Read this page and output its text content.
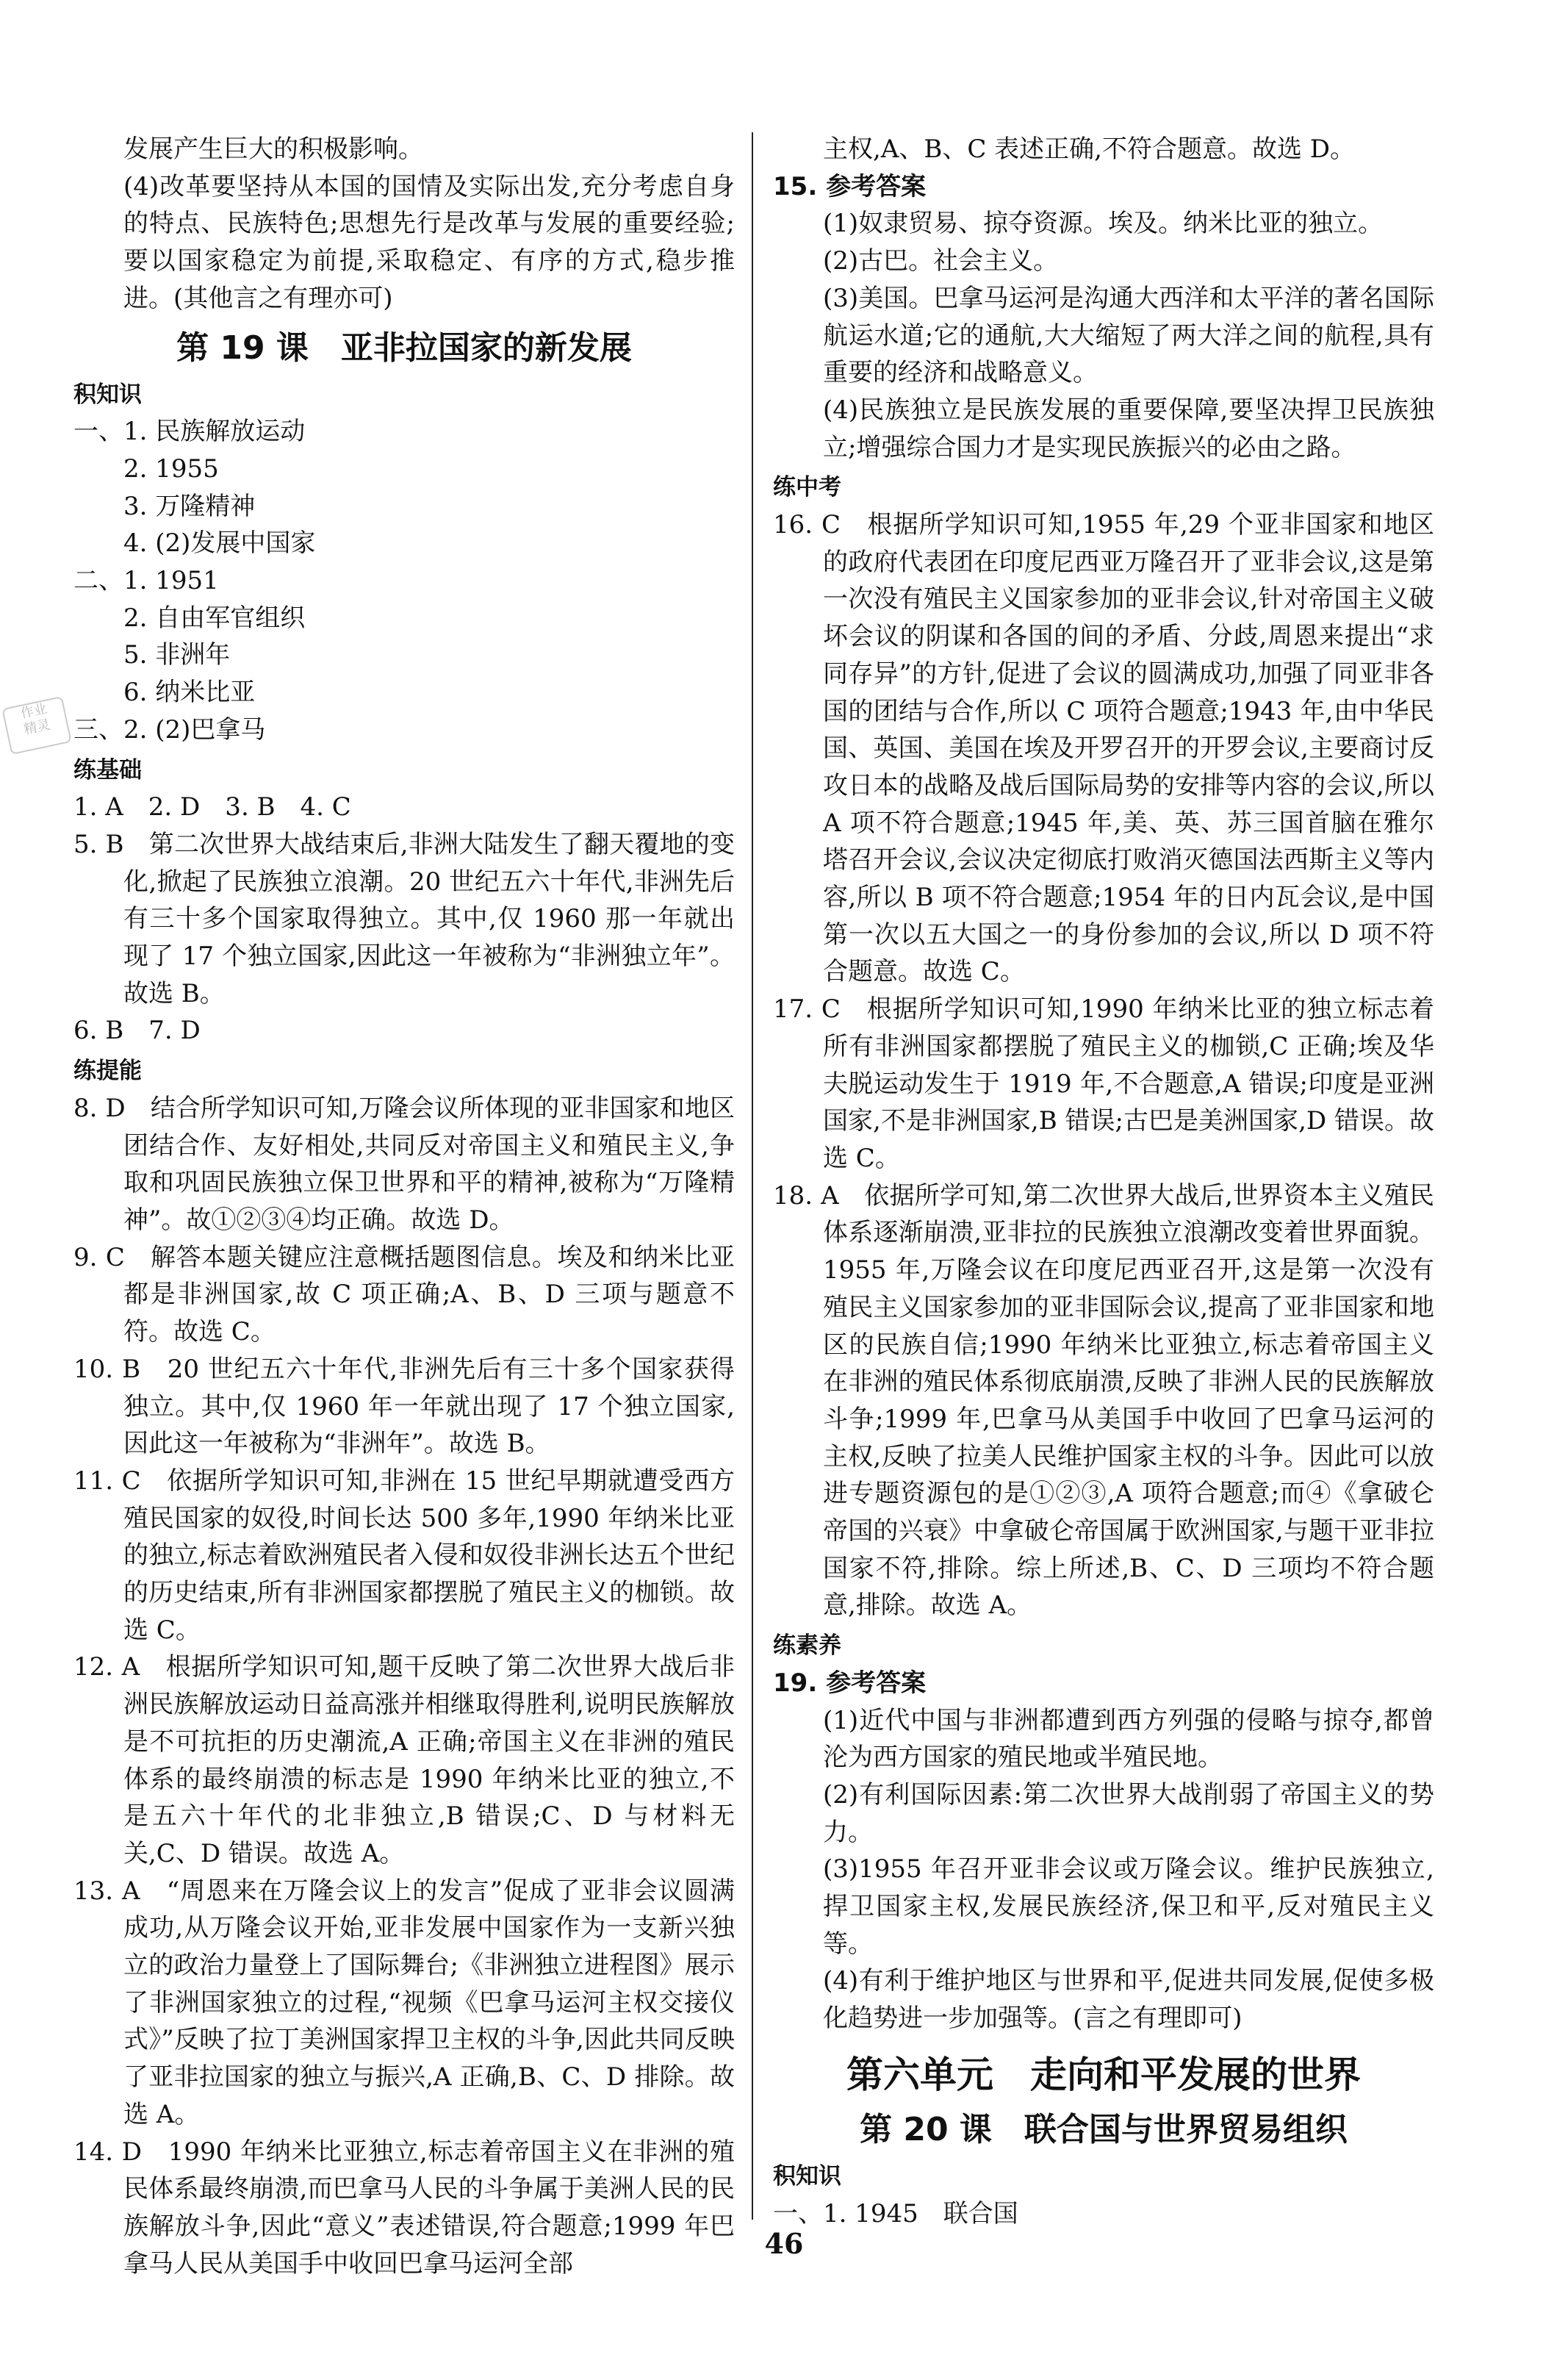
作业
精灵

发展产生巨大的积极影响。

(4)改革要坚持从本国的国情及实际出发,充分考虑自身的特点、民族特色;思想先行是改革与发展的重要经验;要以国家稳定为前提,采取稳定、有序的方式,稳步推进。(其他言之有理亦可)

第 19 课　亚非拉国家的新发展
积知识

一、1. 民族解放运动

2. 1955

3. 万隆精神

4. (2)发展中国家

二、1. 1951

2. 自由军官组织

5. 非洲年

6. 纳米比亚

三、2. (2)巴拿马

练基础

1. A　2. D　3. B　4. C

5. B　第二次世界大战结束后,非洲大陆发生了翻天覆地的变化,掀起了民族独立浪潮。20 世纪五六十年代,非洲先后有三十多个国家取得独立。其中,仅 1960 那一年就出现了 17 个独立国家,因此这一年被称为“非洲独立年”。故选 B。

6. B　7. D

练提能

8. D　结合所学知识可知,万隆会议所体现的亚非国家和地区团结合作、友好相处,共同反对帝国主义和殖民主义,争取和巩固民族独立保卫世界和平的精神,被称为“万隆精神”。故①②③④均正确。故选 D。

9. C　解答本题关键应注意概括题图信息。埃及和纳米比亚都是非洲国家,故 C 项正确;A、B、D 三项与题意不符。故选 C。

10. B　20 世纪五六十年代,非洲先后有三十多个国家获得独立。其中,仅 1960 年一年就出现了 17 个独立国家,因此这一年被称为“非洲年”。故选 B。

11. C　依据所学知识可知,非洲在 15 世纪早期就遭受西方殖民国家的奴役,时间长达 500 多年,1990 年纳米比亚的独立,标志着欧洲殖民者入侵和奴役非洲长达五个世纪的历史结束,所有非洲国家都摆脱了殖民主义的枷锁。故选 C。

12. A　根据所学知识可知,题干反映了第二次世界大战后非洲民族解放运动日益高涨并相继取得胜利,说明民族解放是不可抗拒的历史潮流,A 正确;帝国主义在非洲的殖民体系的最终崩溃的标志是 1990 年纳米比亚的独立,不是五六十年代的北非独立,B 错误;C、D 与材料无关,C、D 错误。故选 A。

13. A　“周恩来在万隆会议上的发言”促成了亚非会议圆满成功,从万隆会议开始,亚非发展中国家作为一支新兴独立的政治力量登上了国际舞台;《非洲独立进程图》展示了非洲国家独立的过程,“视频《巴拿马运河主权交接仪式》”反映了拉丁美洲国家捍卫主权的斗争,因此共同反映了亚非拉国家的独立与振兴,A 正确,B、C、D 排除。故选 A。

14. D　1990 年纳米比亚独立,标志着帝国主义在非洲的殖民体系最终崩溃,而巴拿马人民的斗争属于美洲人民的民族解放斗争,因此“意义”表述错误,符合题意;1999 年巴拿马人民从美国手中收回巴拿马运河全部

主权,A、B、C 表述正确,不符合题意。故选 D。

15. 参考答案

(1)奴隶贸易、掠夺资源。埃及。纳米比亚的独立。

(2)古巴。社会主义。

(3)美国。巴拿马运河是沟通大西洋和太平洋的著名国际航运水道;它的通航,大大缩短了两大洋之间的航程,具有重要的经济和战略意义。

(4)民族独立是民族发展的重要保障,要坚决捍卫民族独立;增强综合国力才是实现民族振兴的必由之路。

练中考

16. C　根据所学知识可知,1955 年,29 个亚非国家和地区的政府代表团在印度尼西亚万隆召开了亚非会议,这是第一次没有殖民主义国家参加的亚非会议,针对帝国主义破坏会议的阴谋和各国的间的矛盾、分歧,周恩来提出“求同存异”的方针,促进了会议的圆满成功,加强了同亚非各国的团结与合作,所以 C 项符合题意;1943 年,由中华民国、英国、美国在埃及开罗召开的开罗会议,主要商讨反攻日本的战略及战后国际局势的安排等内容的会议,所以 A 项不符合题意;1945 年,美、英、苏三国首脑在雅尔塔召开会议,会议决定彻底打败消灭德国法西斯主义等内容,所以 B 项不符合题意;1954 年的日内瓦会议,是中国第一次以五大国之一的身份参加的会议,所以 D 项不符合题意。故选 C。

17. C　根据所学知识可知,1990 年纳米比亚的独立标志着所有非洲国家都摆脱了殖民主义的枷锁,C 正确;埃及华夫脱运动发生于 1919 年,不合题意,A 错误;印度是亚洲国家,不是非洲国家,B 错误;古巴是美洲国家,D 错误。故选 C。

18. A　依据所学可知,第二次世界大战后,世界资本主义殖民体系逐渐崩溃,亚非拉的民族独立浪潮改变着世界面貌。1955 年,万隆会议在印度尼西亚召开,这是第一次没有殖民主义国家参加的亚非国际会议,提高了亚非国家和地区的民族自信;1990 年纳米比亚独立,标志着帝国主义在非洲的殖民体系彻底崩溃,反映了非洲人民的民族解放斗争;1999 年,巴拿马从美国手中收回了巴拿马运河的主权,反映了拉美人民维护国家主权的斗争。因此可以放进专题资源包的是①②③,A 项符合题意;而④《拿破仑帝国的兴衰》中拿破仑帝国属于欧洲国家,与题干亚非拉国家不符,排除。综上所述,B、C、D 三项均不符合题意,排除。故选 A。

练素养

19. 参考答案

(1)近代中国与非洲都遭到西方列强的侵略与掠夺,都曾沦为西方国家的殖民地或半殖民地。

(2)有利国际因素:第二次世界大战削弱了帝国主义的势力。

(3)1955 年召开亚非会议或万隆会议。维护民族独立,捍卫国家主权,发展民族经济,保卫和平,反对殖民主义等。

(4)有利于维护地区与世界和平,促进共同发展,促使多极化趋势进一步加强等。(言之有理即可)

第六单元　走向和平发展的世界
第 20 课　联合国与世界贸易组织
积知识

一、1. 1945　联合国

46
